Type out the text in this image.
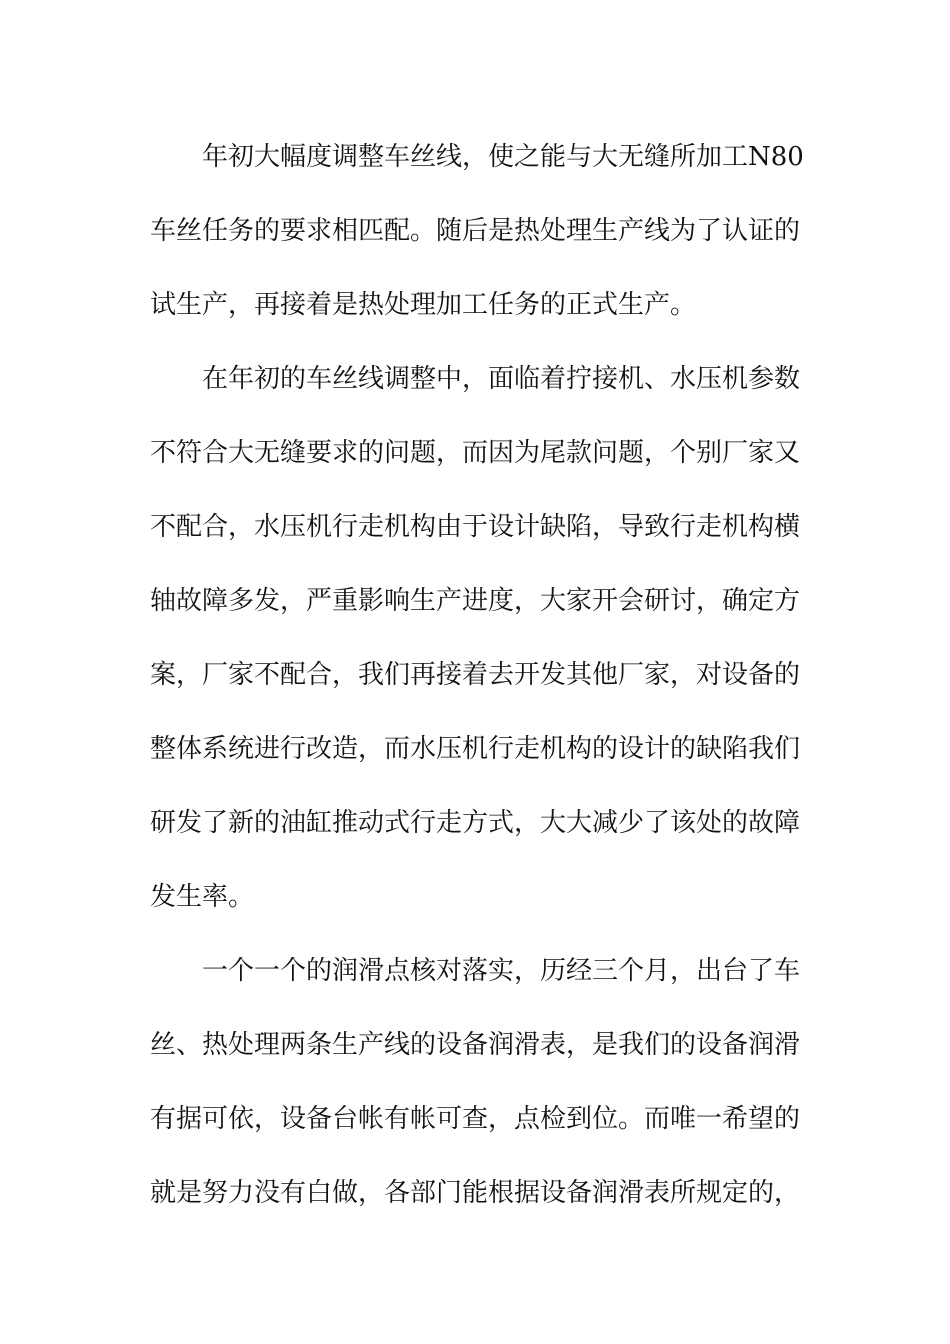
年初大幅度调整车丝线，使之能与大无缝所加工N80
车丝任务的要求相匹配。随后是热处理生产线为了认证的
试生产，再接着是热处理加工任务的正式生产。
在年初的车丝线调整中，面临着拧接机、水压机参数
不符合大无缝要求的问题，而因为尾款问题，个别厂家又
不配合，水压机行走机构由于设计缺陷，导致行走机构横
轴故障多发，严重影响生产进度，大家开会研讨，确定方
案，厂家不配合，我们再接着去开发其他厂家，对设备的
整体系统进行改造，而水压机行走机构的设计的缺陷我们
研发了新的油缸推动式行走方式，大大减少了该处的故障
发生率。
一个一个的润滑点核对落实，历经三个月，出台了车
丝、热处理两条生产线的设备润滑表，是我们的设备润滑
有据可依，设备台帐有帐可查，点检到位。而唯一希望的
就是努力没有白做，各部门能根据设备润滑表所规定的，
